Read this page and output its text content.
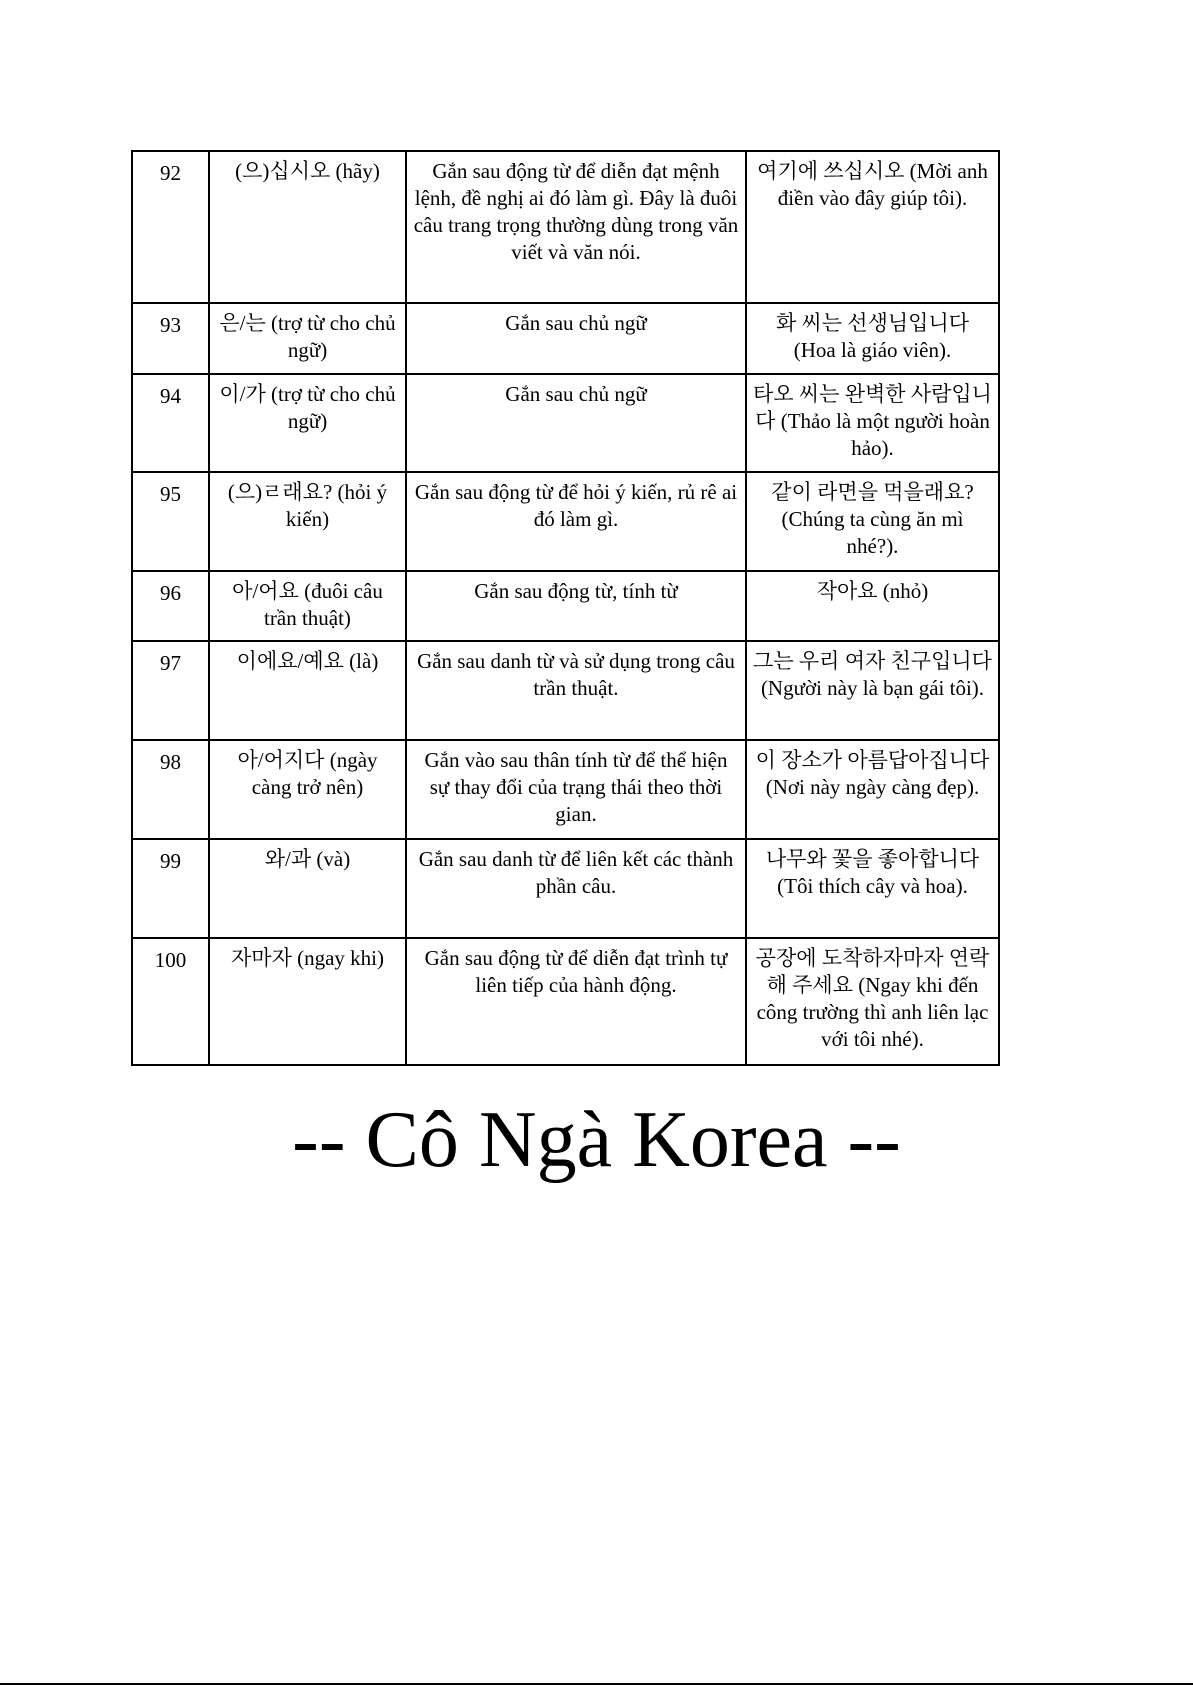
92	(으)십시오 (hãy)	Gắn sau động từ để diễn đạt mệnh lệnh, đề nghị ai đó làm gì. Đây là đuôi câu trang trọng thường dùng trong văn viết và văn nói.	여기에 쓰십시오 (Mời anh điền vào đây giúp tôi).
93	은/는 (trợ từ cho chủ ngữ)	Gắn sau chủ ngữ	화 씨는 선생님입니다 (Hoa là giáo viên).
94	이/가 (trợ từ cho chủ ngữ)	Gắn sau chủ ngữ	타오 씨는 완벽한 사람입니다 (Thảo là một người hoàn hảo).
95	(으)ㄹ래요? (hỏi ý kiến)	Gắn sau động từ để hỏi ý kiến, rủ rê ai đó làm gì.	같이 라면을 먹을래요? (Chúng ta cùng ăn mì nhé?).
96	아/어요 (đuôi câu trần thuật)	Gắn sau động từ, tính từ	작아요 (nhỏ)
97	이에요/예요 (là)	Gắn sau danh từ và sử dụng trong câu trần thuật.	그는 우리 여자 친구입니다 (Người này là bạn gái tôi).
98	아/어지다 (ngày càng trở nên)	Gắn vào sau thân tính từ để thể hiện sự thay đổi của trạng thái theo thời gian.	이 장소가 아름답아집니다 (Nơi này ngày càng đẹp).
99	와/과 (và)	Gắn sau danh từ để liên kết các thành phần câu.	나무와 꽃을 좋아합니다 (Tôi thích cây và hoa).
100	자마자 (ngay khi)	Gắn sau động từ để diễn đạt trình tự liên tiếp của hành động.	공장에 도착하자마자 연락해 주세요 (Ngay khi đến công trường thì anh liên lạc với tôi nhé).
-- Cô Ngà Korea --
